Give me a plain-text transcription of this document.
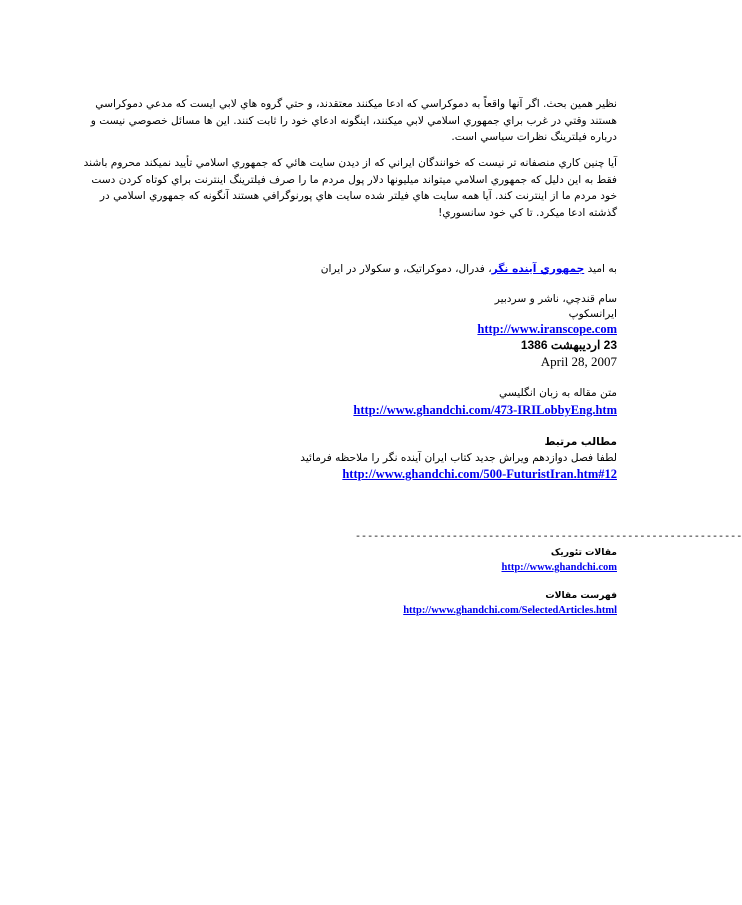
نظير همين بحث. اگر آنها واقعاً به دموکراسي که ادعا ميکنند معتقدند، و حتي گروه هاي لابي ايست که مدعي دموکراسي هستند وقتي در غرب براي جمهوري اسلامي لابي ميکنند، اينگونه ادعاي خود را ثابت کنند. اين ها مسائل خصوصي نيست و درباره فيلترينگ نظرات سياسي است.
آيا چنين کاري منصفانه تر نيست که خوانندگان ايراني که از ديدن سايت هائي که جمهوري اسلامي تأييد نميکند محروم باشند فقط به اين دليل که جمهوري اسلامي ميتواند ميليونها دلار پول مردم ما را صرف فيلترينگ اينترنت براي کوتاه کردن دست خود مردم ما از اينترنت کند. آيا همه سايت هاي فيلتر شده سايت هاي پورنوگرافي هستند آنگونه که جمهوري اسلامي در گذشته ادعا ميکرد. تا کي خود سانسوري!
به اميد جمهوري آينده نگر، فدرال، دموکراتيک، و سکولار در ايران
سام قندچي، ناشر و سردبير
ايرانسکوپ
http://www.iranscope.com
23 ارديبهشت 1386
April 28, 2007
متن مقاله به زبان انگليسي
http://www.ghandchi.com/473-IRILobbyEng.htm
مطالب مرتبط
لطفا فصل دوازدهم ويراش جديد کتاب ايران آينده نگر را ملاحظه فرمائيد
http://www.ghandchi.com/500-FuturistIran.htm#12
----------------------------------------------------------------
مقالات تئوريک
http://www.ghandchi.com
فهرست مقالات
http://www.ghandchi.com/SelectedArticles.html
